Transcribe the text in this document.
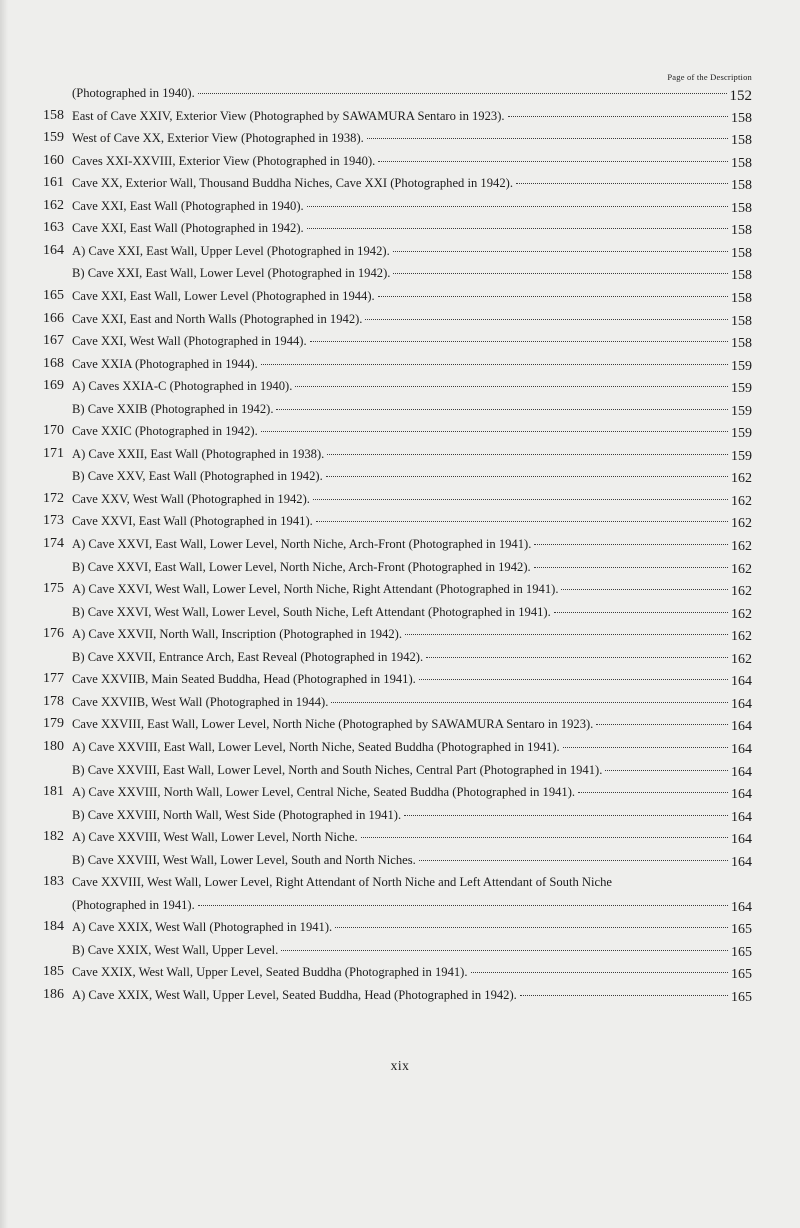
Page of the Description
(Photographed in 1940).	152
158 East of Cave XXIV, Exterior View (Photographed by SAWAMURA Sentaro in 1923).	158
159 West of Cave XX, Exterior View (Photographed in 1938).	158
160 Caves XXI-XXVIII, Exterior View (Photographed in 1940).	158
161 Cave XX, Exterior Wall, Thousand Buddha Niches, Cave XXI (Photographed in 1942).	158
162 Cave XXI, East Wall (Photographed in 1940).	158
163 Cave XXI, East Wall (Photographed in 1942).	158
164 A) Cave XXI, East Wall, Upper Level (Photographed in 1942).	158
B) Cave XXI, East Wall, Lower Level (Photographed in 1942).	158
165 Cave XXI, East Wall, Lower Level (Photographed in 1944).	158
166 Cave XXI, East and North Walls (Photographed in 1942).	158
167 Cave XXI, West Wall (Photographed in 1944).	158
168 Cave XXIA (Photographed in 1944).	159
169 A) Caves XXIA-C (Photographed in 1940).	159
B) Cave XXIB (Photographed in 1942).	159
170 Cave XXIC (Photographed in 1942).	159
171 A) Cave XXII, East Wall (Photographed in 1938).	159
B) Cave XXV, East Wall (Photographed in 1942).	162
172 Cave XXV, West Wall (Photographed in 1942).	162
173 Cave XXVI, East Wall (Photographed in 1941).	162
174 A) Cave XXVI, East Wall, Lower Level, North Niche, Arch-Front (Photographed in 1941).	162
B) Cave XXVI, East Wall, Lower Level, North Niche, Arch-Front (Photographed in 1942).	162
175 A) Cave XXVI, West Wall, Lower Level, North Niche, Right Attendant (Photographed in 1941).	162
B) Cave XXVI, West Wall, Lower Level, South Niche, Left Attendant (Photographed in 1941).	162
176 A) Cave XXVII, North Wall, Inscription (Photographed in 1942).	162
B) Cave XXVII, Entrance Arch, East Reveal (Photographed in 1942).	162
177 Cave XXVIIB, Main Seated Buddha, Head (Photographed in 1941).	164
178 Cave XXVIIB, West Wall (Photographed in 1944).	164
179 Cave XXVIII, East Wall, Lower Level, North Niche (Photographed by SAWAMURA Sentaro in 1923).	164
180 A) Cave XXVIII, East Wall, Lower Level, North Niche, Seated Buddha (Photographed in 1941).	164
B) Cave XXVIII, East Wall, Lower Level, North and South Niches, Central Part (Photographed in 1941).	164
181 A) Cave XXVIII, North Wall, Lower Level, Central Niche, Seated Buddha (Photographed in 1941).	164
B) Cave XXVIII, North Wall, West Side (Photographed in 1941).	164
182 A) Cave XXVIII, West Wall, Lower Level, North Niche.	164
B) Cave XXVIII, West Wall, Lower Level, South and North Niches.	164
183 Cave XXVIII, West Wall, Lower Level, Right Attendant of North Niche and Left Attendant of South Niche
(Photographed in 1941).	164
184 A) Cave XXIX, West Wall (Photographed in 1941).	165
B) Cave XXIX, West Wall, Upper Level.	165
185 Cave XXIX, West Wall, Upper Level, Seated Buddha (Photographed in 1941).	165
186 A) Cave XXIX, West Wall, Upper Level, Seated Buddha, Head (Photographed in 1942).	165
xix
